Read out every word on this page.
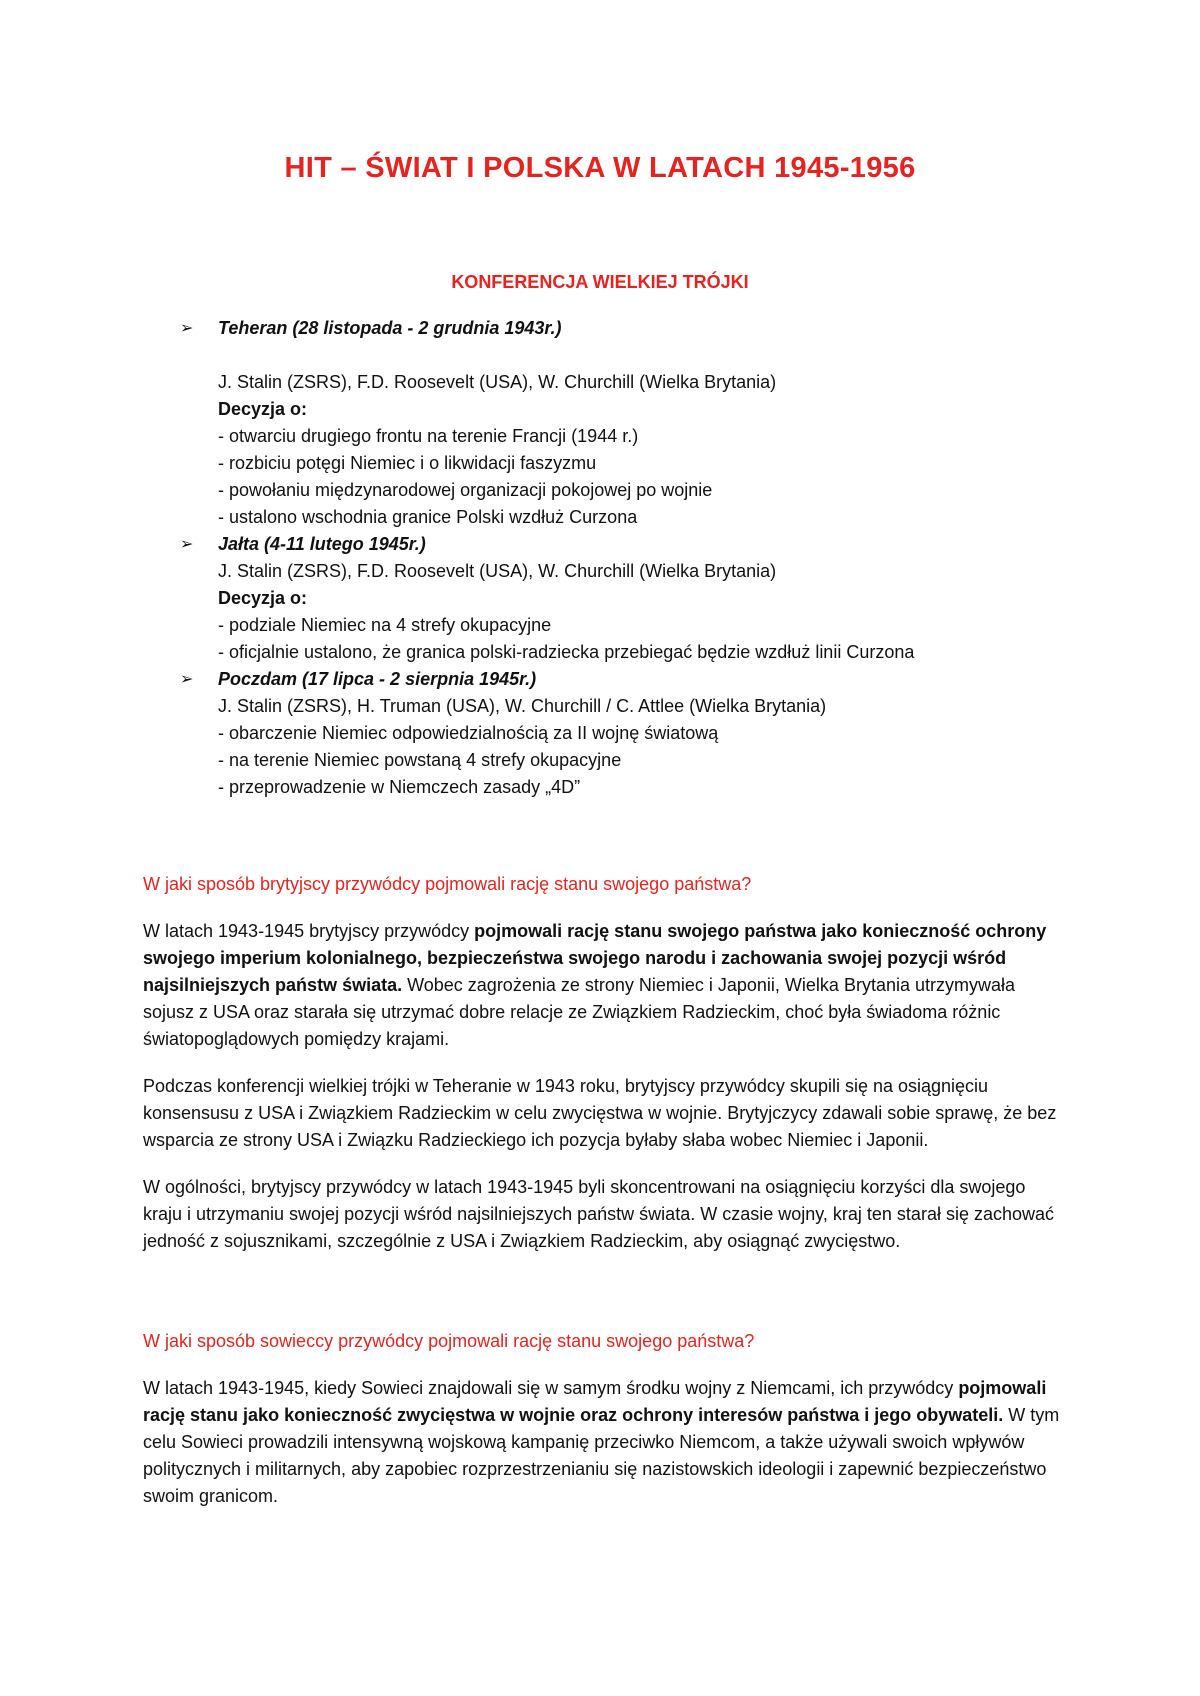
HIT – ŚWIAT I POLSKA W LATACH 1945-1956
KONFERENCJA WIELKIEJ TRÓJKI
➢ Teheran (28 listopada - 2 grudnia 1943r.)
J. Stalin (ZSRS), F.D. Roosevelt (USA), W. Churchill (Wielka Brytania)
Decyzja o:
- otwarciu drugiego frontu na terenie Francji (1944 r.)
- rozbiciu potęgi Niemiec i o likwidacji faszyzmu
- powołaniu międzynarodowej organizacji pokojowej po wojnie
- ustalono wschodnia granice Polski wzdłuż Curzona
➢ Jałta (4-11 lutego 1945r.)
J. Stalin (ZSRS), F.D. Roosevelt (USA), W. Churchill (Wielka Brytania)
Decyzja o:
- podziale Niemiec na 4 strefy okupacyjne
- oficjalnie ustalono, że granica polski-radziecka przebiegać będzie wzdłuż linii Curzona
➢ Poczdam (17 lipca - 2 sierpnia 1945r.)
J. Stalin (ZSRS), H. Truman (USA), W. Churchill / C. Attlee (Wielka Brytania)
- obarczenie Niemiec odpowiedzialnością za II wojnę światową
- na terenie Niemiec powstaną 4 strefy okupacyjne
- przeprowadzenie w Niemczech zasady „4D”

W jaki sposób brytyjscy przywódcy pojmowali rację stanu swojego państwa?

W latach 1943-1945 brytyjscy przywódcy pojmowali rację stanu swojego państwa jako konieczność ochrony swojego imperium kolonialnego, bezpieczeństwa swojego narodu i zachowania swojej pozycji wśród najsilniejszych państw świata. Wobec zagrożenia ze strony Niemiec i Japonii, Wielka Brytania utrzymywała sojusz z USA oraz starała się utrzymać dobre relacje ze Związkiem Radzieckim, choć była świadoma różnic światopoglądowych pomiędzy krajami.

Podczas konferencji wielkiej trójki w Teheranie w 1943 roku, brytyjscy przywódcy skupili się na osiągnięciu konsensusu z USA i Związkiem Radzieckim w celu zwycięstwa w wojnie. Brytyjczycy zdawali sobie sprawę, że bez wsparcia ze strony USA i Związku Radzieckiego ich pozycja byłaby słaba wobec Niemiec i Japonii.

W ogólności, brytyjscy przywódcy w latach 1943-1945 byli skoncentrowani na osiągnięciu korzyści dla swojego kraju i utrzymaniu swojej pozycji wśród najsilniejszych państw świata. W czasie wojny, kraj ten starał się zachować jedność z sojusznikami, szczególnie z USA i Związkiem Radzieckim, aby osiągnąć zwycięstwo.

W jaki sposób sowieccy przywódcy pojmowali rację stanu swojego państwa?

W latach 1943-1945, kiedy Sowieci znajdowali się w samym środku wojny z Niemcami, ich przywódcy pojmowali rację stanu jako konieczność zwycięstwa w wojnie oraz ochrony interesów państwa i jego obywateli. W tym celu Sowieci prowadzili intensywną wojskową kampanię przeciwko Niemcom, a także używali swoich wpływów politycznych i militarnych, aby zapobiec rozprzestrzenianiu się nazistowskich ideologii i zapewnić bezpieczeństwo swoim granicom.
